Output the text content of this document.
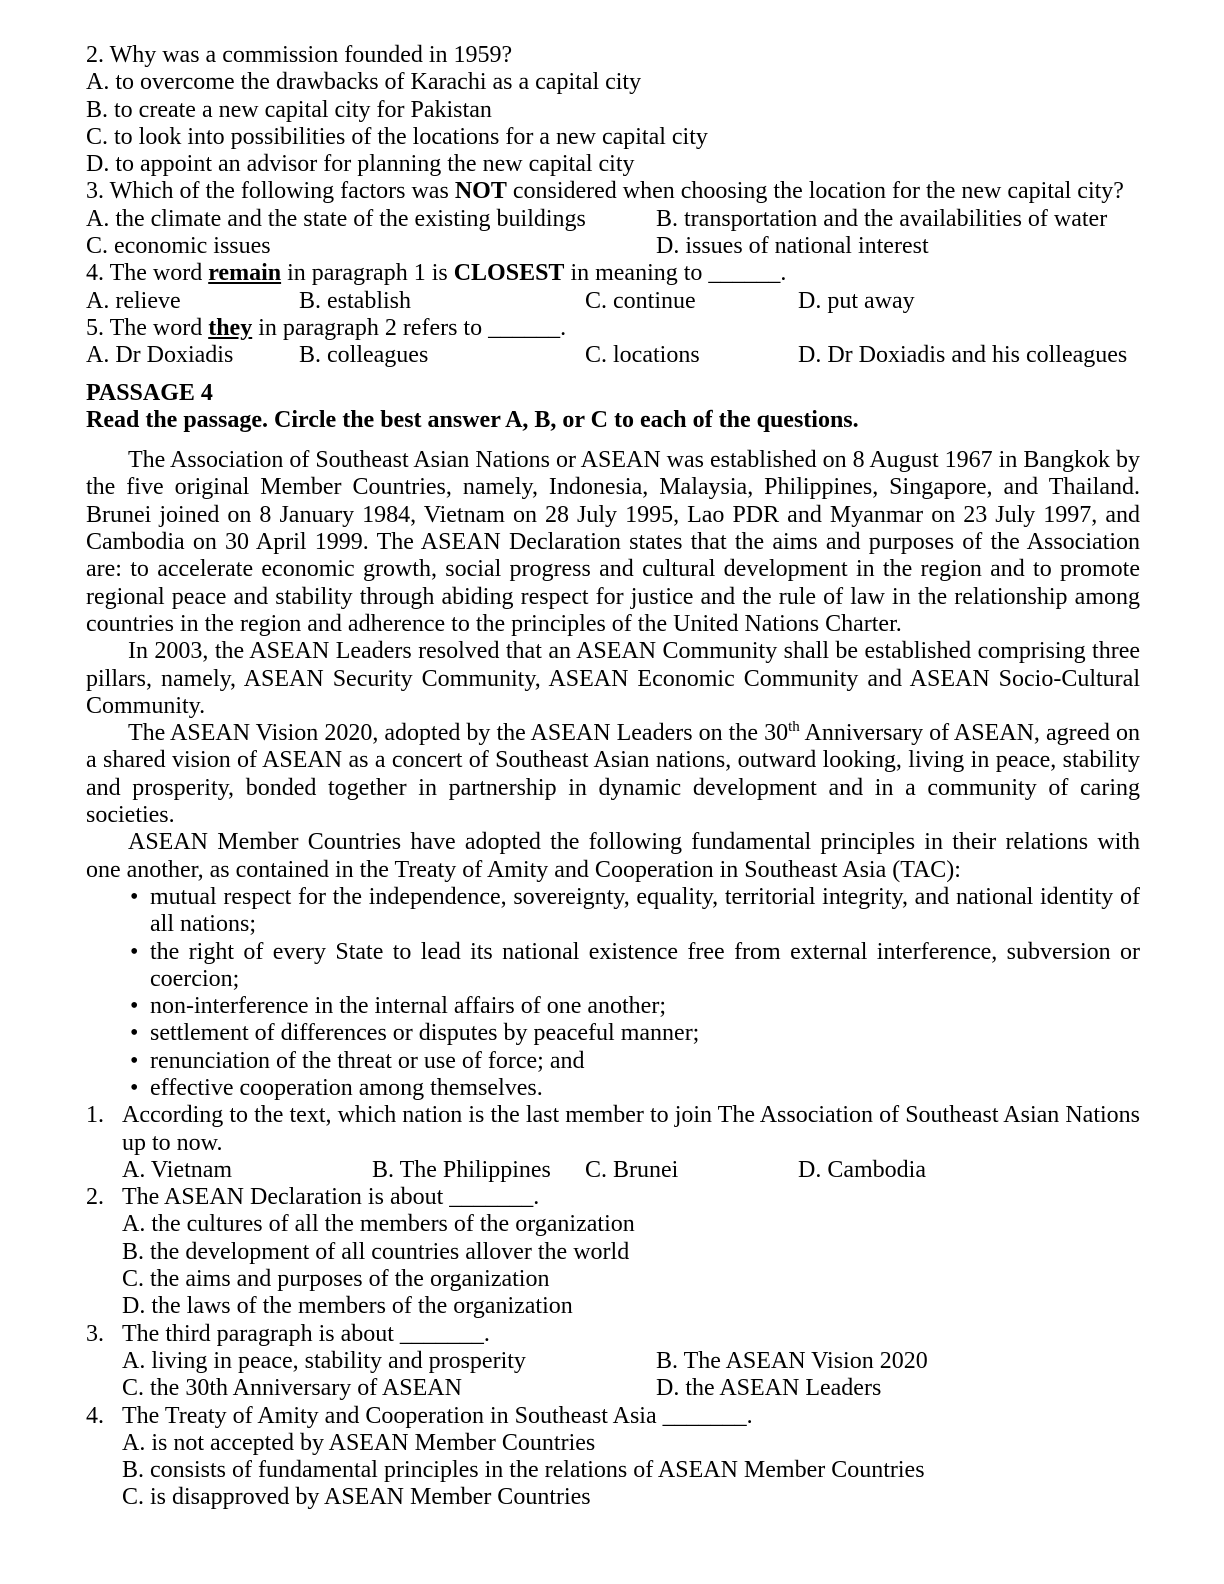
2. Why was a commission founded in 1959?
A. to overcome the drawbacks of Karachi as a capital city
B. to create a new capital city for Pakistan
C. to look into possibilities of the locations for a new capital city
D. to appoint an advisor for planning the new capital city
3. Which of the following factors was NOT considered when choosing the location for the new capital city?
A. the climate and the state of the existing buildings	B. transportation and the availabilities of water
C. economic issues	D. issues of national interest
4. The word remain in paragraph 1 is CLOSEST in meaning to ______.
A. relieve	B. establish	C. continue	D. put away
5. The word they in paragraph 2 refers to ______.
A. Dr Doxiadis	B. colleagues	C. locations	D. Dr Doxiadis and his colleagues
PASSAGE 4
Read the passage. Circle the best answer A, B, or C to each of the questions.

The Association of Southeast Asian Nations or ASEAN was established on 8 August 1967 in Bangkok by the five original Member Countries, namely, Indonesia, Malaysia, Philippines, Singapore, and Thailand. Brunei joined on 8 January 1984, Vietnam on 28 July 1995, Lao PDR and Myanmar on 23 July 1997, and Cambodia on 30 April 1999. The ASEAN Declaration states that the aims and purposes of the Association are: to accelerate economic growth, social progress and cultural development in the region and to promote regional peace and stability through abiding respect for justice and the rule of law in the relationship among countries in the region and adherence to the principles of the United Nations Charter.

In 2003, the ASEAN Leaders resolved that an ASEAN Community shall be established comprising three pillars, namely, ASEAN Security Community, ASEAN Economic Community and ASEAN Socio-Cultural Community.

The ASEAN Vision 2020, adopted by the ASEAN Leaders on the 30th Anniversary of ASEAN, agreed on a shared vision of ASEAN as a concert of Southeast Asian nations, outward looking, living in peace, stability and prosperity, bonded together in partnership in dynamic development and in a community of caring societies.

ASEAN Member Countries have adopted the following fundamental principles in their relations with one another, as contained in the Treaty of Amity and Cooperation in Southeast Asia (TAC):

• mutual respect for the independence, sovereignty, equality, territorial integrity, and national identity of all nations;
• the right of every State to lead its national existence free from external interference, subversion or coercion;
• non-interference in the internal affairs of one another;
• settlement of differences or disputes by peaceful manner;
• renunciation of the threat or use of force; and
• effective cooperation among themselves.
1. According to the text, which nation is the last member to join The Association of Southeast Asian Nations up to now.
A. Vietnam	B. The Philippines	C. Brunei	D. Cambodia
2. The ASEAN Declaration is about _______.
A. the cultures of all the members of the organization
B. the development of all countries allover the world
C. the aims and purposes of the organization
D. the laws of the members of the organization
3. The third paragraph is about _______.
A. living in peace, stability and prosperity	B. The ASEAN Vision 2020
C. the 30th Anniversary of ASEAN	D. the ASEAN Leaders
4. The Treaty of Amity and Cooperation in Southeast Asia _______.
A. is not accepted by ASEAN Member Countries
B. consists of fundamental principles in the relations of ASEAN Member Countries
C. is disapproved by ASEAN Member Countries
